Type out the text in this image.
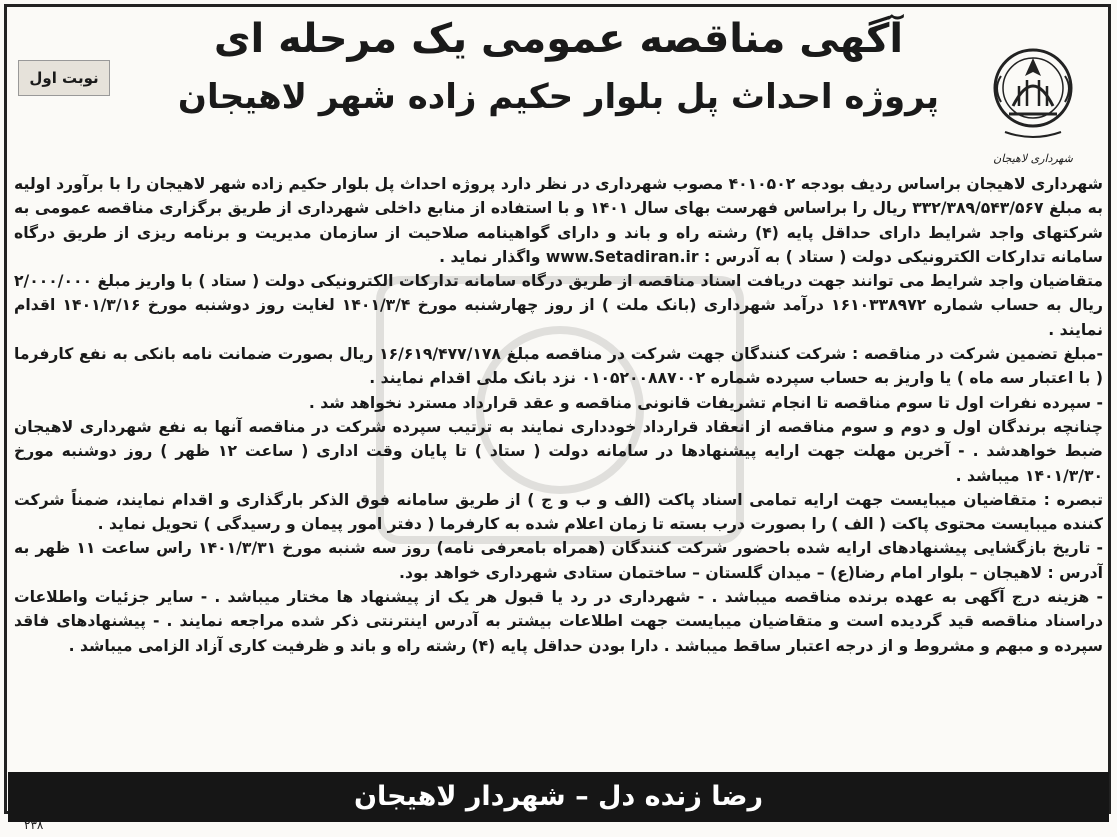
آگهی مناقصه عمومی یک مرحله ای
پروژه احداث پل بلوار حکیم زاده شهر لاهیجان
نوبت اول
شهرداری لاهیجان

شهرداری لاهیجان براساس ردیف بودجه ۴۰۱۰۵۰۲ مصوب شهرداری در نظر دارد پروژه احداث پل بلوار حکیم زاده شهر لاهیجان را با برآورد اولیه به مبلغ ۳۳۲/۳۸۹/۵۴۳/۵۶۷ ریال را براساس فهرست بهای سال ۱۴۰۱ و با استفاده از منابع داخلی شهرداری از طریق برگزاری مناقصه عمومی به شرکتهای واجد شرایط دارای حداقل پایه (۴) رشته راه و باند و دارای گواهینامه صلاحیت از سازمان مدیریت و برنامه ریزی از طریق درگاه سامانه تدارکات الکترونیکی دولت ( ستاد ) به آدرس : www.Setadiran.ir واگذار نماید .

متقاضیان واجد شرایط می توانند جهت دریافت اسناد مناقصه از طریق درگاه سامانه تدارکات الکترونیکی دولت ( ستاد ) با واریز مبلغ ۲/۰۰۰/۰۰۰ ریال به حساب شماره ۱۶۱۰۳۳۸۹۷۲ درآمد شهرداری (بانک ملت ) از روز چهارشنبه مورخ ۱۴۰۱/۳/۴ لغایت روز دوشنبه مورخ ۱۴۰۱/۳/۱۶ اقدام نمایند .

-مبلغ تضمین شرکت در مناقصه : شرکت کنندگان جهت شرکت در مناقصه مبلغ ۱۶/۶۱۹/۴۷۷/۱۷۸ ریال بصورت ضمانت نامه بانکی به نفع کارفرما ( با اعتبار سه ماه ) یا واریز به حساب سپرده شماره ۰۱۰۵۲۰۰۸۸۷۰۰۲ نزد بانک ملی اقدام نمایند .

- سپرده نفرات اول تا سوم مناقصه تا انجام تشریفات قانونی مناقصه و عقد قرارداد مسترد نخواهد شد .

چنانچه برندگان اول و دوم و سوم مناقصه از انعقاد قرارداد خودداری نمایند به ترتیب سپرده شرکت در مناقصه آنها به نفع شهرداری لاهیجان ضبط خواهدشد . - آخرین مهلت جهت ارایه پیشنهادها در سامانه دولت ( ستاد ) تا پایان وقت اداری ( ساعت ۱۲ ظهر ) روز دوشنبه مورخ ۱۴۰۱/۳/۳۰ میباشد .

تبصره : متقاضیان میبایست جهت ارایه تمامی اسناد پاکت (الف و ب و ج ) از طریق سامانه فوق الذکر بارگذاری و اقدام نمایند، ضمناً شرکت کننده میبایست محتوی پاکت ( الف ) را بصورت درب بسته تا زمان اعلام شده به کارفرما ( دفتر امور پیمان و رسیدگی ) تحویل نماید .

- تاریخ بازگشایی پیشنهادهای ارایه شده باحضور شرکت کنندگان (همراه بامعرفی نامه) روز سه شنبه مورخ ۱۴۰۱/۳/۳۱ راس ساعت ۱۱ ظهر به آدرس : لاهیجان – بلوار امام رضا(ع) – میدان گلستان – ساختمان ستادی شهرداری خواهد بود.

- هزینه درج آگهی به عهده برنده مناقصه میباشد . - شهرداری در رد یا قبول هر یک از پیشنهاد ها مختار میباشد . - سایر جزئیات واطلاعات دراسناد مناقصه قید گردیده است و متقاضیان میبایست جهت اطلاعات بیشتر به آدرس اینترنتی ذکر شده مراجعه نمایند . - پیشنهادهای فاقد سپرده و مبهم و مشروط و از درجه اعتبار ساقط میباشد . دارا بودن حداقل پایه (۴) رشته راه و باند و ظرفیت کاری آزاد الزامی میباشد .

رضا زنده دل – شهردار لاهیجان
۲۳۸
